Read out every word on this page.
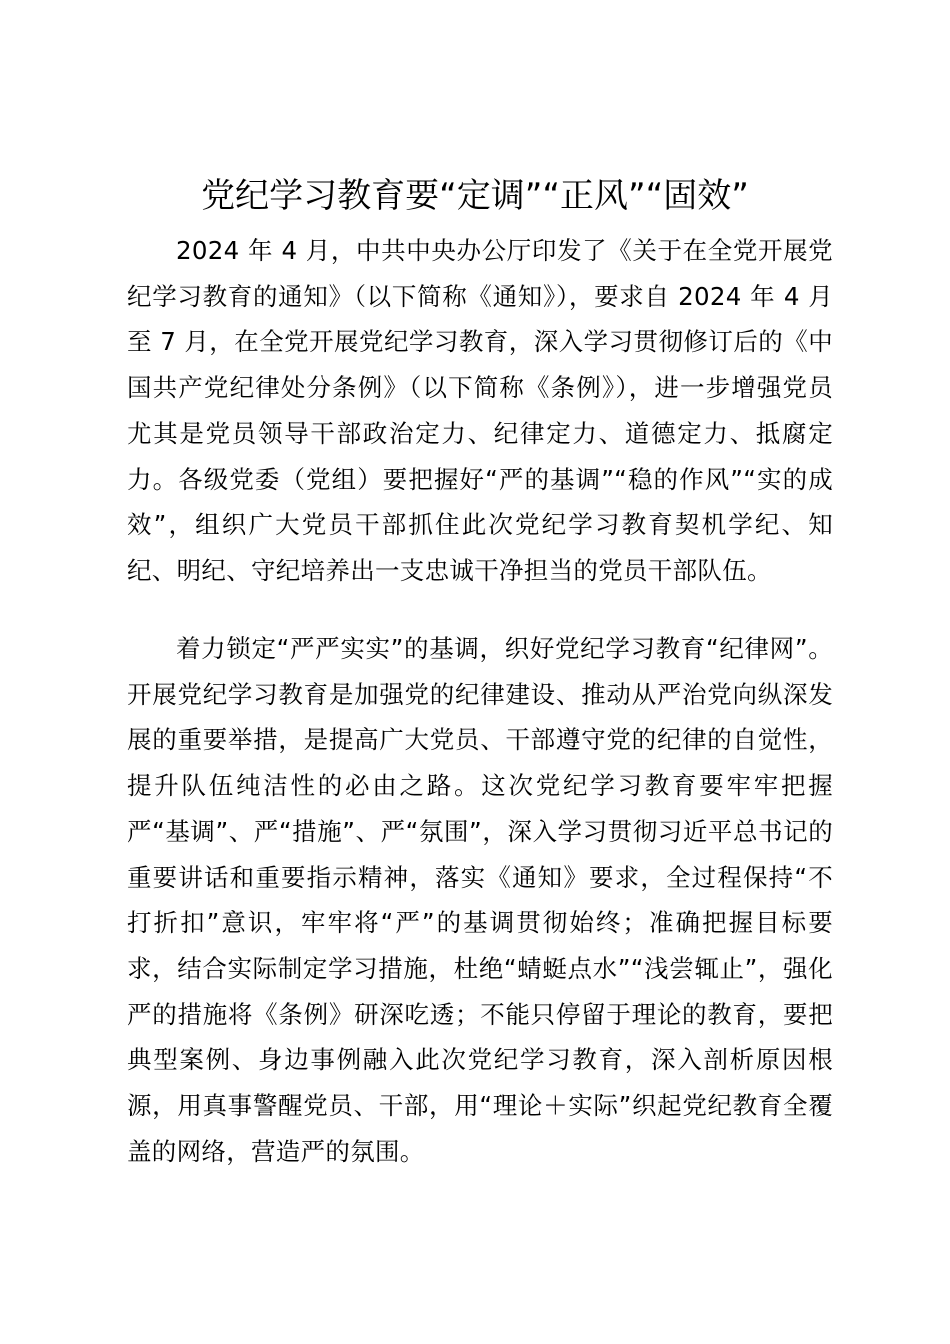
党纪学习教育要“定调”“正风”“固效”

2024 年 4 月，中共中央办公厅印发了《关于在全党开展党纪学习教育的通知》（以下简称《通知》），要求自 2024 年 4 月至 7 月，在全党开展党纪学习教育，深入学习贯彻修订后的《中国共产党纪律处分条例》（以下简称《条例》），进一步增强党员尤其是党员领导干部政治定力、纪律定力、道德定力、抵腐定力。各级党委（党组）要把握好“严的基调”“稳的作风”“实的成效”，组织广大党员干部抓住此次党纪学习教育契机学纪、知纪、明纪、守纪培养出一支忠诚干净担当的党员干部队伍。

着力锁定“严严实实”的基调，织好党纪学习教育“纪律网”。开展党纪学习教育是加强党的纪律建设、推动从严治党向纵深发展的重要举措，是提高广大党员、干部遵守党的纪律的自觉性，提升队伍纯洁性的必由之路。这次党纪学习教育要牢牢把握严“基调”、严“措施”、严“氛围”，深入学习贯彻习近平总书记的重要讲话和重要指示精神，落实《通知》要求，全过程保持“不打折扣”意识，牢牢将“严”的基调贯彻始终；准确把握目标要求，结合实际制定学习措施，杜绝“蜻蜓点水”“浅尝辄止”，强化严的措施将《条例》研深吃透；不能只停留于理论的教育，要把典型案例、身边事例融入此次党纪学习教育，深入剖析原因根源，用真事警醒党员、干部，用“理论＋实际”织起党纪教育全覆盖的网络，营造严的氛围。
